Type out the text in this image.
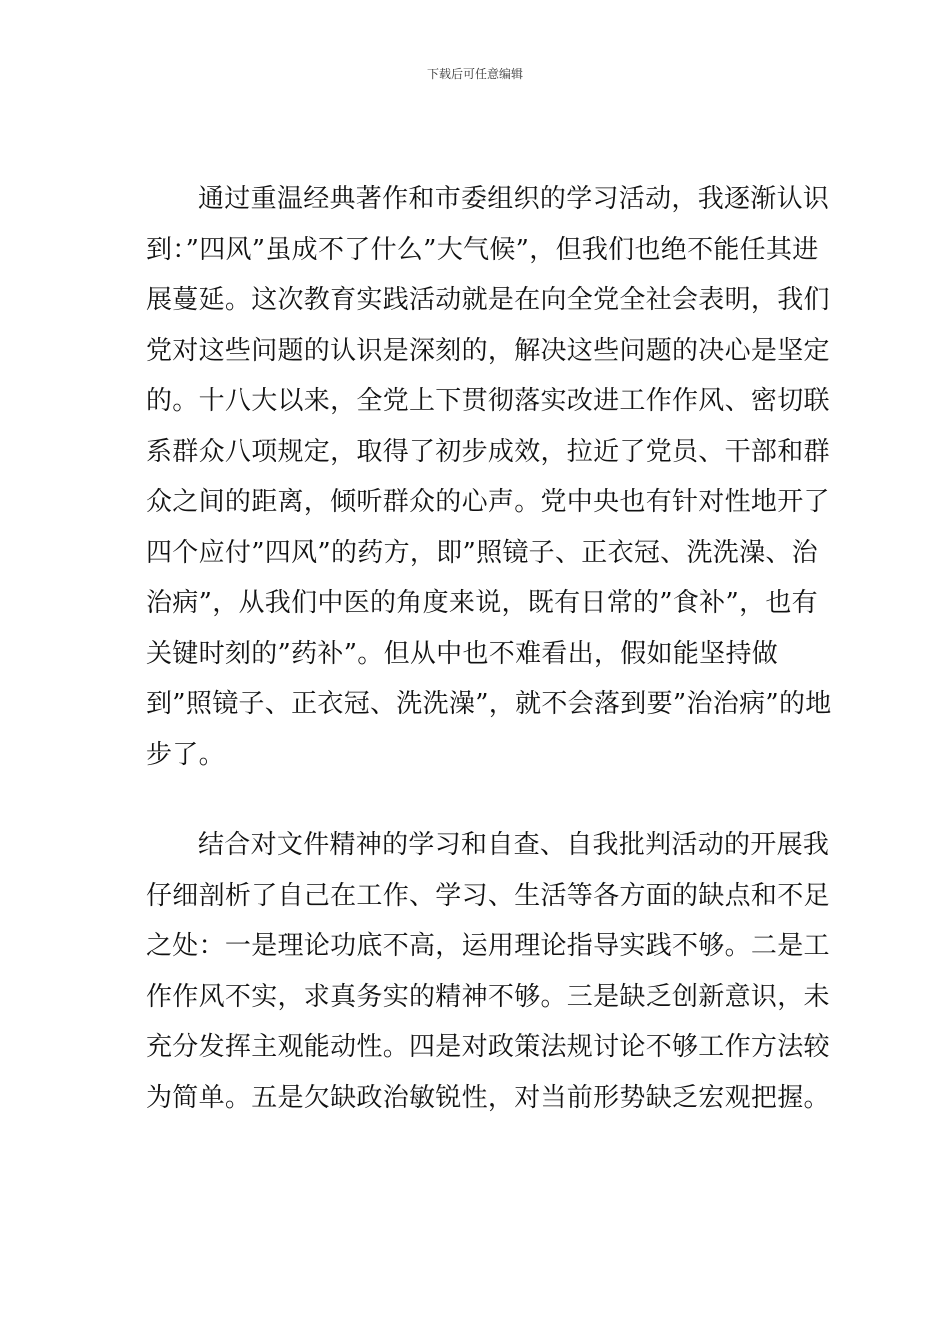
下载后可任意编辑

通过重温经典著作和市委组织的学习活动，我逐渐认识到：”四风”虽成不了什么”大气候”，但我们也绝不能任其进展蔓延。这次教育实践活动就是在向全党全社会表明，我们党对这些问题的认识是深刻的，解决这些问题的决心是坚定的。十八大以来，全党上下贯彻落实改进工作作风、密切联系群众八项规定，取得了初步成效，拉近了党员、干部和群众之间的距离，倾听群众的心声。党中央也有针对性地开了四个应付”四风”的药方，即”照镜子、正衣冠、洗洗澡、治治病”，从我们中医的角度来说，既有日常的”食补”，也有关键时刻的”药补”。但从中也不难看出，假如能坚持做到”照镜子、正衣冠、洗洗澡”，就不会落到要”治治病”的地步了。

结合对文件精神的学习和自查、自我批判活动的开展我仔细剖析了自己在工作、学习、生活等各方面的缺点和不足之处：一是理论功底不高，运用理论指导实践不够。二是工作作风不实，求真务实的精神不够。三是缺乏创新意识，未充分发挥主观能动性。四是对政策法规讨论不够工作方法较为简单。五是欠缺政治敏锐性，对当前形势缺乏宏观把握。
